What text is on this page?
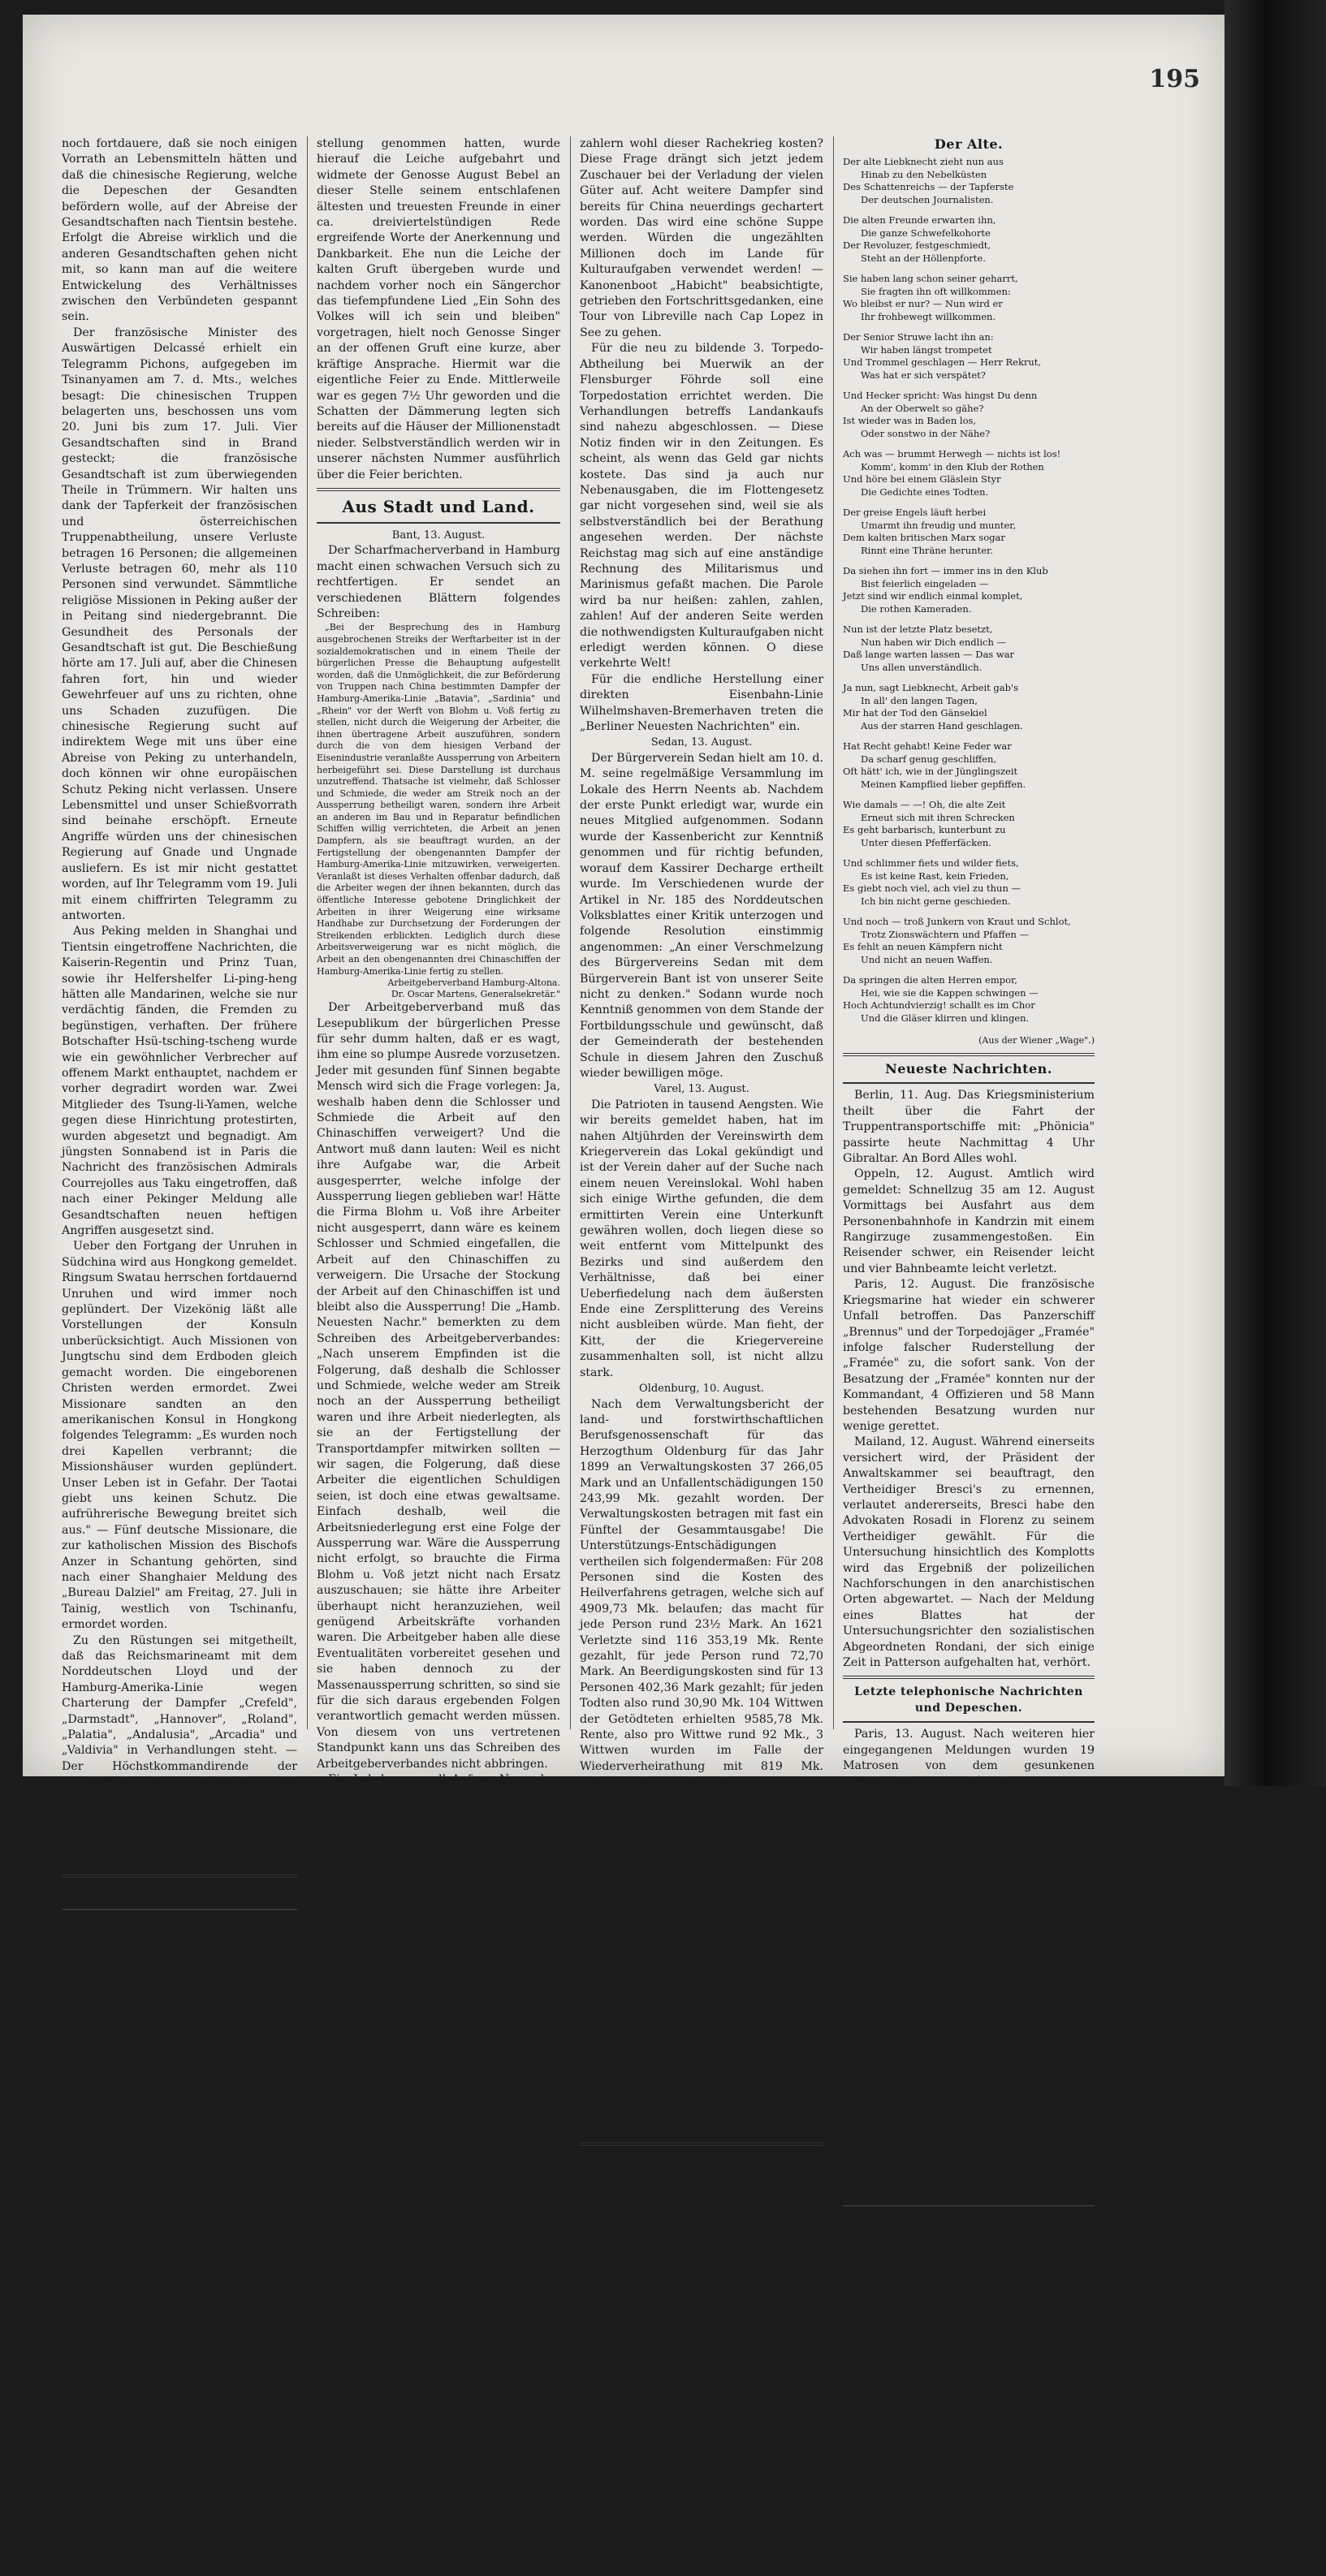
195

noch fortdauere, daß sie noch einigen Vorrath an Lebensmitteln hätten und daß die chinesische Regierung, welche die Depeschen der Gesandten befördern wolle, auf der Abreise der Gesandtschaften nach Tientsin bestehe. Erfolgt die Abreise wirklich und die anderen Gesandtschaften gehen nicht mit, so kann man auf die weitere Entwickelung des Verhältnisses zwischen den Verbündeten gespannt sein.

Der französische Minister des Auswärtigen Delcassé erhielt ein Telegramm Pichons, aufgegeben im Tsinanyamen am 7. d. Mts., welches besagt: Die chinesischen Truppen belagerten uns, beschossen uns vom 20. Juni bis zum 17. Juli. Vier Gesandtschaften sind in Brand gesteckt; die französische Gesandtschaft ist zum überwiegenden Theile in Trümmern. Wir halten uns dank der Tapferkeit der französischen und österreichischen Truppenabtheilung, unsere Verluste betragen 16 Personen; die allgemeinen Verluste betragen 60, mehr als 110 Personen sind verwundet. Sämmtliche religiöse Missionen in Peking außer der in Peitang sind niedergebrannt. Die Gesundheit des Personals der Gesandtschaft ist gut. Die Beschießung hörte am 17. Juli auf, aber die Chinesen fahren fort, hin und wieder Gewehrfeuer auf uns zu richten, ohne uns Schaden zuzufügen. Die chinesische Regierung sucht auf indirektem Wege mit uns über eine Abreise von Peking zu unterhandeln, doch können wir ohne europäischen Schutz Peking nicht verlassen. Unsere Lebensmittel und unser Schießvorrath sind beinahe erschöpft. Erneute Angriffe würden uns der chinesischen Regierung auf Gnade und Ungnade ausliefern. Es ist mir nicht gestattet worden, auf Ihr Telegramm vom 19. Juli mit einem chiffrirten Telegramm zu antworten.

Aus Peking melden in Shanghai und Tientsin eingetroffene Nachrichten, die Kaiserin-Regentin und Prinz Tuan, sowie ihr Helfershelfer Li-ping-heng hätten alle Mandarinen, welche sie nur verdächtig fänden, die Fremden zu begünstigen, verhaften. Der frühere Botschafter Hsü-tsching-tscheng wurde wie ein gewöhnlicher Verbrecher auf offenem Markt enthauptet, nachdem er vorher degradirt worden war. Zwei Mitglieder des Tsung-li-Yamen, welche gegen diese Hinrichtung protestirten, wurden abgesetzt und begnadigt. Am jüngsten Sonnabend ist in Paris die Nachricht des französischen Admirals Courrejolles aus Taku eingetroffen, daß nach einer Pekinger Meldung alle Gesandtschaften neuen heftigen Angriffen ausgesetzt sind.

Ueber den Fortgang der Unruhen in Südchina wird aus Hongkong gemeldet. Ringsum Swatau herrschen fortdauernd Unruhen und wird immer noch geplündert. Der Vizekönig läßt alle Vorstellungen der Konsuln unberücksichtigt. Auch Missionen von Jungtschu sind dem Erdboden gleich gemacht worden. Die eingeborenen Christen werden ermordet. Zwei Missionare sandten an den amerikanischen Konsul in Hongkong folgendes Telegramm: „Es wurden noch drei Kapellen verbrannt; die Missionshäuser wurden geplündert. Unser Leben ist in Gefahr. Der Taotai giebt uns keinen Schutz. Die aufrührerische Bewegung breitet sich aus." — Fünf deutsche Missionare, die zur katholischen Mission des Bischofs Anzer in Schantung gehörten, sind nach einer Shanghaier Meldung des „Bureau Dalziel" am Freitag, 27. Juli in Tainig, westlich von Tschinanfu, ermordet worden.

Zu den Rüstungen sei mitgetheilt, daß das Reichsmarineamt mit dem Norddeutschen Lloyd und der Hamburg-Amerika-Linie wegen Charterung der Dampfer „Crefeld", „Darmstadt", „Hannover", „Roland", „Palatia", „Andalusia", „Arcadia" und „Valdivia" in Verhandlungen steht. — Der Höchstkommandirende der Chinaarmee, Graf Waldersee, wird etwa 30 Stabsoffiziere mit nach China nehmen. Hierzu gesellen sich dann noch die fremdländischen Offiziere als Vertreter ihrer Staaten im Hauptquartier.

Parteinachrichten.

Liebknechts Beerdigung. „Ein Leichenbegängniß, wie es sich keiner der Mächtigen der Erde rühmen kann", diese Worte sprach Paul Singer an dem offenen Gruft seines alten Freundes und Mitkämpfers Wilhelm Liebknecht. Und so war es. Zwar war von fürstlichem Pomp bei der Feier nichts zu sehen, aber hierher wurde tausendfach erzeigt durch innige Theilnahme ungezählter Massen aus der arbeitenden Bevölkerung, welche es sich nicht nehmen ließen, ihrem treuen Führer und Berather die letzte Ehre zu erweisen. Stunden vor dem eigentlichen Beginn der Beerdigung wanderten die Leidtragenden den schwarzen Scharen nach dem äußersten Westen von Berlin, nach Charlottenburg, wo bekanntlich der Alte seit Jahren, Kantstraße 160, sein Heim aufgeschlagen hatte. Als der Leichenzug sich um 1½ Uhr in Bewegung setzte, konnte er sich nur in langsamstem Tempo fortbewegen. Die Anzahl der Leidtragenden, die in vorbeimarschirten Gruppen sich vor und nach dem Zuge anschlossen, betrug viele Tausende. Als die Spitze des Zuges am Friedhofe anlangte, nach einer Marschzeit von ca. ¾ Stunden. In sämmtlichen Straßen, die der Zug auf seinem ca. 15 Klm. langen Wege passirte, bildete das Publikum, Arm und Reich, Jung und Alt, unter feierlichem Schweigen Spalier. So langte er gegen 6 Uhr an dem äußersten Osten Berlins in der Leichenhalle des Friedhofs, vor welcher mehrere hundert Parteigenossen mit Kränzen Aufstellung genommen hatten, wurde hierauf die Leiche aufgebahrt.

stellung genommen hatten, wurde hierauf die Leiche aufgebahrt und widmete der Genosse August Bebel an dieser Stelle seinem entschlafenen ältesten und treuesten Freunde in einer ca. dreiviertelstündigen Rede ergreifende Worte der Anerkennung und Dankbarkeit. Ehe nun die Leiche der kalten Gruft übergeben wurde und nachdem vorher noch ein Sängerchor das tiefempfundene Lied „Ein Sohn des Volkes will ich sein und bleiben" vorgetragen, hielt noch Genosse Singer an der offenen Gruft eine kurze, aber kräftige Ansprache. Hiermit war die eigentliche Feier zu Ende. Mittlerweile war es gegen 7½ Uhr geworden und die Schatten der Dämmerung legten sich bereits auf die Häuser der Millionenstadt nieder. Selbstverständlich werden wir in unserer nächsten Nummer ausführlich über die Feier berichten.

Aus Stadt und Land.

Bant, 13. August.

Der Scharfmacherverband in Hamburg macht einen schwachen Versuch sich zu rechtfertigen. Er sendet an verschiedenen Blättern folgendes Schreiben:

„Bei der Besprechung des in Hamburg ausgebrochenen Streiks der Werftarbeiter ist in der sozialdemokratischen und in einem Theile der bürgerlichen Presse die Behauptung aufgestellt worden, daß die Unmöglichkeit, die zur Beförderung von Truppen nach China bestimmten Dampfer der Hamburg-Amerika-Linie „Batavia", „Sardinia" und „Rhein" vor der Werft von Blohm u. Voß fertig zu stellen, nicht durch die Weigerung der Arbeiter, die ihnen übertragene Arbeit auszuführen, sondern durch die von dem hiesigen Verband der Eisenindustrie veranlaßte Aussperrung von Arbeitern herbeigeführt sei. Diese Darstellung ist durchaus unzutreffend. Thatsache ist vielmehr, daß Schlosser und Schmiede, die weder am Streik noch an der Aussperrung betheiligt waren, sondern ihre Arbeit an anderen im Bau und in Reparatur befindlichen Schiffen willig verrichteten, die Arbeit an jenen Dampfern, als sie beauftragt wurden, an der Fertigstellung der obengenannten Dampfer der Hamburg-Amerika-Linie mitzuwirken, verweigerten. Veranlaßt ist dieses Verhalten offenbar dadurch, daß die Arbeiter wegen der ihnen bekannten, durch das öffentliche Interesse gebotene Dringlichkeit der Arbeiten in ihrer Weigerung eine wirksame Handhabe zur Durchsetzung der Forderungen der Streikenden erblickten. Lediglich durch diese Arbeitsverweigerung war es nicht möglich, die Arbeit an den obengenannten drei Chinaschiffen der Hamburg-Amerika-Linie fertig zu stellen.

Arbeitgeberverband Hamburg-Altona.
Dr. Oscar Martens, Generalsekretär."

Der Arbeitgeberverband muß das Lesepublikum der bürgerlichen Presse für sehr dumm halten, daß er es wagt, ihm eine so plumpe Ausrede vorzusetzen. Jeder mit gesunden fünf Sinnen begabte Mensch wird sich die Frage vorlegen: Ja, weshalb haben denn die Schlosser und Schmiede die Arbeit auf den Chinaschiffen verweigert? Und die Antwort muß dann lauten: Weil es nicht ihre Aufgabe war, die Arbeit ausgesperrter, welche infolge der Aussperrung liegen geblieben war! Hätte die Firma Blohm u. Voß ihre Arbeiter nicht ausgesperrt, dann wäre es keinem Schlosser und Schmied eingefallen, die Arbeit auf den Chinaschiffen zu verweigern. Die Ursache der Stockung der Arbeit auf den Chinaschiffen ist und bleibt also die Aussperrung! Die „Hamb. Neuesten Nachr." bemerkten zu dem Schreiben des Arbeitgeberverbandes: „Nach unserem Empfinden ist die Folgerung, daß deshalb die Schlosser und Schmiede, welche weder am Streik noch an der Aussperrung betheiligt waren und ihre Arbeit niederlegten, als sie an der Fertigstellung der Transportdampfer mitwirken sollten — wir sagen, die Folgerung, daß diese Arbeiter die eigentlichen Schuldigen seien, ist doch eine etwas gewaltsame. Einfach deshalb, weil die Arbeitsniederlegung erst eine Folge der Aussperrung war. Wäre die Aussperrung nicht erfolgt, so brauchte die Firma Blohm u. Voß jetzt nicht nach Ersatz auszuschauen; sie hätte ihre Arbeiter überhaupt nicht heranzuziehen, weil genügend Arbeitskräfte vorhanden waren. Die Arbeitgeber haben alle diese Eventualitäten vorbereitet gesehen und sie haben dennoch zu der Massenaussperrung schritten, so sind sie für die sich daraus ergebenden Folgen verantwortlich gemacht werden müssen. Von diesem von uns vertretenen Standpunkt kann uns das Schreiben des Arbeitgeberverbandes nicht abbringen.

Ein Lehrkursus soll Anfang November im Oldenburg. Hebammen-Institute begonnen werden. Eigenhändig geschriebene Gesuche unter Beifügung eines Geburtsscheins, eines Führungsattestes und eines amtsärztlichen Gesundheitsattestes sind bis zum 10. September bei dem Amte, resp. Magistrate des Wohnortes der Meldenden einzureichen.

Wilhelmshaven, 13. August.

Die öffentliche Bürgervorsteher-Sitzung ist auf Mittwoch den 15. August, Nachmittags 6 Uhr angesetzt. Auf der Tagesordnung steht u. A.: Pensionirung des Kämmerers Röbbelen, Krankenhausordnung, Bau eines katholischen Volksschulhauses, Realschulangelegenheiten und Abfuhr-Angelegenheiten.

Von der Marine. Im Hafen ist zur Zeit viel Leben und Treiben, da die Geschwaderschiffe in demselben liegen. — Auf dem Hamburger Dampfer „Elsa" werden noch immer Materialien, Munition, Maschinen ꝛc. für China verladen. Die Ladung, welche der Dampfer faßt, ist eine ungeheure. Von dem Truppenübungsplatze in Münster sind ebenfalls Wellblechbaracken eingetroffen, die einem Bataillon darin unterbringen zu können. In der kurzen Zeit konnten keine neuen Baracken für China fertiggestellt werden. — Welche ungeheuren Summen mag den deutschen Steuer-

zahlern wohl dieser Rachekrieg kosten? Diese Frage drängt sich jetzt jedem Zuschauer bei der Verladung der vielen Güter auf. Acht weitere Dampfer sind bereits für China neuerdings gechartert worden. Das wird eine schöne Suppe werden. Würden die ungezählten Millionen doch im Lande für Kulturaufgaben verwendet werden! — Kanonenboot „Habicht" beabsichtigte, getrieben den Fortschrittsgedanken, eine Tour von Libreville nach Cap Lopez in See zu gehen.

Für die neu zu bildende 3. Torpedo-Abtheilung bei Muerwik an der Flensburger Föhrde soll eine Torpedostation errichtet werden. Die Verhandlungen betreffs Landankaufs sind nahezu abgeschlossen. — Diese Notiz finden wir in den Zeitungen. Es scheint, als wenn das Geld gar nichts kostete. Das sind ja auch nur Nebenausgaben, die im Flottengesetz gar nicht vorgesehen sind, weil sie als selbstverständlich bei der Berathung angesehen werden. Der nächste Reichstag mag sich auf eine anständige Rechnung des Militarismus und Marinismus gefaßt machen. Die Parole wird ba nur heißen: zahlen, zahlen, zahlen! Auf der anderen Seite werden die nothwendigsten Kulturaufgaben nicht erledigt werden können. O diese verkehrte Welt!

Für die endliche Herstellung einer direkten Eisenbahn-Linie Wilhelmshaven-Bremerhaven treten die „Berliner Neuesten Nachrichten" ein.

Sedan, 13. August.

Der Bürgerverein Sedan hielt am 10. d. M. seine regelmäßige Versammlung im Lokale des Herrn Neents ab. Nachdem der erste Punkt erledigt war, wurde ein neues Mitglied aufgenommen. Sodann wurde der Kassenbericht zur Kenntniß genommen und für richtig befunden, worauf dem Kassirer Decharge ertheilt wurde. Im Verschiedenen wurde der Artikel in Nr. 185 des Norddeutschen Volksblattes einer Kritik unterzogen und folgende Resolution einstimmig angenommen: „An einer Verschmelzung des Bürgervereins Sedan mit dem Bürgerverein Bant ist von unserer Seite nicht zu denken." Sodann wurde noch Kenntniß genommen von dem Stande der Fortbildungsschule und gewünscht, daß der Gemeinderath der bestehenden Schule in diesem Jahren den Zuschuß wieder bewilligen möge.

Varel, 13. August.

Die Patrioten in tausend Aengsten. Wie wir bereits gemeldet haben, hat im nahen Altjührden der Vereinswirth dem Kriegerverein das Lokal gekündigt und ist der Verein daher auf der Suche nach einem neuen Vereinslokal. Wohl haben sich einige Wirthe gefunden, die dem ermittirten Verein eine Unterkunft gewähren wollen, doch liegen diese so weit entfernt vom Mittelpunkt des Bezirks und sind außerdem den Verhältnisse, daß bei einer Ueberfiedelung nach dem äußersten Ende eine Zersplitterung des Vereins nicht ausbleiben würde. Man fieht, der Kitt, der die Kriegervereine zusammenhalten soll, ist nicht allzu stark.

Oldenburg, 10. August.

Nach dem Verwaltungsbericht der land- und forstwirthschaftlichen Berufsgenossenschaft für das Herzogthum Oldenburg für das Jahr 1899 an Verwaltungskosten 37 266,05 Mark und an Unfallentschädigungen 150 243,99 Mk. gezahlt worden. Der Verwaltungskosten betragen mit fast ein Fünftel der Gesammtausgabe! Die Unterstützungs-Entschädigungen vertheilen sich folgendermaßen: Für 208 Personen sind die Kosten des Heilverfahrens getragen, welche sich auf 4909,73 Mk. belaufen; das macht für jede Person rund 23½ Mark. An 1621 Verletzte sind 116 353,19 Mk. Rente gezahlt, für jede Person rund 72,70 Mark. An Beerdigungskosten sind für 13 Personen 402,36 Mark gezahlt; für jeden Todten also rund 30,90 Mk. 104 Wittwen der Getödteten erhielten 9585,78 Mk. Rente, also pro Wittwe rund 92 Mk., 3 Wittwen wurden im Falle der Wiederverheirathung mit 819 Mk. abgefunden; also pro Person 273 Mk. An 168 Kinder der Getödteten wurden 10 246,33 Mark Rente gezahlt, pro Kind rund 61 Mk., 9 Aszendenten der Getödteten erhielten 866,68 Mk. Rente, also pro Person rund 96 Mark. Von in Krankenhäusern untergebrachten Verletzten erhielten 8 Ehefrauen 60,55 Mk., also pro Person rund 7½ Mark, 12 Kinder 112,94 Mk., also pro Kind rund 9,30 Mk., während die Kur- und Verpflegungskosten in Krankenhäusern für 66 Personen eine Ausgabe von 6887,42 Mk. erforderten. Ein Stück „Sozial-Reform" das!

Wittmund, 13. August.

Die Kreisbahn hatte im Monat Juli eine Einnahme von 7436,67 Mk. Hiervon entfielen auf den Güterverkehr 1621,17 Mk., auf den Personenverkehr 5815,50 Mk. Die Ausgaben betrugen 6317,40 Mk. und der Ueberschuß betrug somit 1119,53 Mk.

Aus den Vereinen.
Vereinskalender.
Bant-Wilhelmshaven.

Verband der Bauarbeiter. Dienstag, 14. August, Abends 8 Uhr: Versammlung im „Germaniahalle", Neubremen.

Oldenburg.

Sattler und Tapezierer. Dienstag den 14. August, Abends 8½ Uhr: Versammlung in Wehrkamps Restaurant.

Verband der Bäcker. Dienstag, 14. August, Nachmittags 4 Uhr: Versammlung in Wehrkamps Restaurant.

Bau- und Erdarbeiter. Donnerstag, 16. August, Abends 7 Uhr: Versammlung in Fr. Börners Restaurant.

Der Alte.
Der alte Liebknecht zieht nun aus
Hinab zu den Nebelküsten
Des Schattenreichs — der Tapferste
Der deutschen Journalisten.
Die alten Freunde erwarten ihn,
Die ganze Schwefelkohorte
Der Revoluzer, festgeschmiedt,
Steht an der Höllenpforte.
Sie haben lang schon seiner geharrt,
Sie fragten ihn oft willkommen:
Wo bleibst er nur? — Nun wird er
Ihr frohbewegt willkommen.
Der Senior Struwe lacht ihn an:
Wir haben längst trompetet
Und Trommel geschlagen — Herr Rekrut,
Was hat er sich verspätet?
Und Hecker spricht: Was hingst Du denn
An der Oberwelt so gähe?
Ist wieder was in Baden los,
Oder sonstwo in der Nähe?
Ach was — brummt Herwegh — nichts ist los!
Komm', komm' in den Klub der Rothen
Und höre bei einem Gläslein Styr
Die Gedichte eines Todten.
Der greise Engels läuft herbei
Umarmt ihn freudig und munter,
Dem kalten britischen Marx sogar
Rinnt eine Thräne herunter.
Da siehen ihn fort — immer ins in den Klub
Bist feierlich eingeladen —
Jetzt sind wir endlich einmal komplet,
Die rothen Kameraden.
Nun ist der letzte Platz besetzt,
Nun haben wir Dich endlich —
Daß lange warten lassen — Das war
Uns allen unverständlich.
Ja nun, sagt Liebknecht, Arbeit gab's
In all' den langen Tagen,
Mir hat der Tod den Gänsekiel
Aus der starren Hand geschlagen.
Hat Recht gehabt! Keine Feder war
Da scharf genug geschliffen,
Oft hätt' ich, wie in der Jünglingszeit
Meinen Kampflied lieber gepfiffen.
Wie damals — —! Oh, die alte Zeit
Erneut sich mit ihren Schrecken
Es geht barbarisch, kunterbunt zu
Unter diesen Pfefferfäcken.
Und schlimmer fiets und wilder fiets,
Es ist keine Rast, kein Frieden,
Es giebt noch viel, ach viel zu thun —
Ich bin nicht gerne geschieden.
Und noch — troß Junkern von Kraut und Schlot,
Trotz Zionswächtern und Pfaffen —
Es fehlt an neuen Kämpfern nicht
Und nicht an neuen Waffen.
Da springen die alten Herren empor,
Hei, wie sie die Kappen schwingen —
Hoch Achtundvierzig! schallt es im Chor
Und die Gläser klirren und klingen.
(Aus der Wiener „Wage".)
Neueste Nachrichten.

Berlin, 11. Aug. Das Kriegsministerium theilt über die Fahrt der Truppentransportschiffe mit: „Phönicia" passirte heute Nachmittag 4 Uhr Gibraltar. An Bord Alles wohl.

Oppeln, 12. August. Amtlich wird gemeldet: Schnellzug 35 am 12. August Vormittags bei Ausfahrt aus dem Personenbahnhofe in Kandrzin mit einem Rangirzuge zusammengestoßen. Ein Reisender schwer, ein Reisender leicht und vier Bahnbeamte leicht verletzt.

Paris, 12. August. Die französische Kriegsmarine hat wieder ein schwerer Unfall betroffen. Das Panzerschiff „Brennus" und der Torpedojäger „Framée" infolge falscher Ruderstellung der „Framée" zu, die sofort sank. Von der Besatzung der „Framée" konnten nur der Kommandant, 4 Offizieren und 58 Mann bestehenden Besatzung wurden nur wenige gerettet.

Mailand, 12. August. Während einerseits versichert wird, der Präsident der Anwaltskammer sei beauftragt, den Vertheidiger Bresci's zu ernennen, verlautet andererseits, Bresci habe den Advokaten Rosadi in Florenz zu seinem Vertheidiger gewählt. Für die Untersuchung hinsichtlich des Komplotts wird das Ergebniß der polizeilichen Nachforschungen in den anarchistischen Orten abgewartet. — Nach der Meldung eines Blattes hat der Untersuchungsrichter den sozialistischen Abgeordneten Rondani, der sich einige Zeit in Patterson aufgehalten hat, verhört.

Letzte telephonische Nachrichten und Depeschen.

Paris, 13. August. Nach weiteren hier eingegangenen Meldungen wurden 19 Matrosen von dem gesunkenen Torpedoboot mit Framée gerettet.

Marseille, 13. Aug. Infolge des Ausstandes der Heizer ist die Abfahrt der „Melbourne", die heute nach China gehen sollte, verschoben worden.

Rom, 13. August. In der vergangenen Nacht fand auf der Strecke Rom-Florenz ein Eisenbahnzusammenstoß statt. Es blieben 12 Todte und 40 Verwundete festgestellt.

Shanghai, 11. August. Der britische Generalkonsul gab am 10. August seinen Kollegen die bevorstehende Ankunft der britischen Truppen bekannt mit dem Hinzufügen, daß diese Maßnahme auf den Bitten der britischen Gemeinde ergriffen worden sei. Die chinesischen Behörden haben ihre Zustimmung ertheilt. Der französische Generalkonsul erklärte, er beabsichtige, falls britische Truppen gelandet würden, eine gleiche Anzahl französischer Truppen nach Shanghai zu bringen.

Wie am 9. August aus Tschifu gemeldet wird, soll die chinesische Streitmacht, welche südlich von Tientsin steht, 20 000 Mann fast sein.

Hochwasser.

Dienstag, 14. Aug., 3,33 Vm., 3,48 Nchm.
